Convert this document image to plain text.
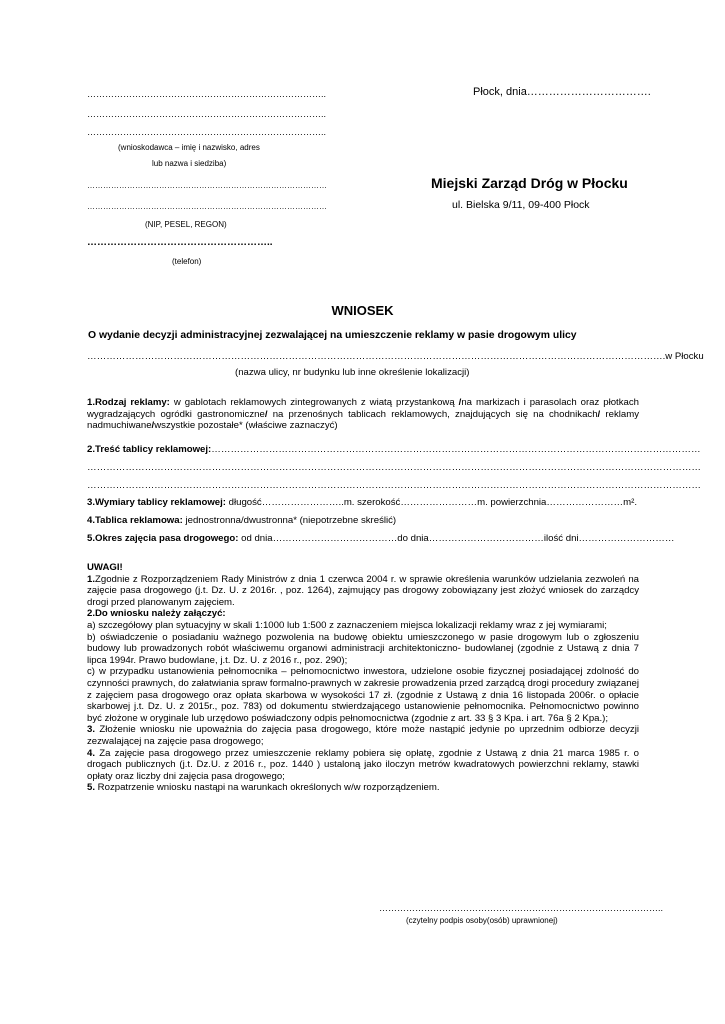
……………………………………………………………………..
……………………………………………………………………..
……………………………………………………………………..
(wnioskodawca – imię i nazwisko, adres
lub nazwa i siedziba)
………………………………………………………………………………
………………………………………………………………………………
(NIP, PESEL, REGON)
………………………………………………..
(telefon)
Płock, dnia…………………………….
Miejski Zarząd Dróg w Płocku
ul. Bielska 9/11, 09-400 Płock
WNIOSEK
O wydanie decyzji administracyjnej zezwalającej na umieszczenie reklamy w pasie drogowym ulicy
……………………………………………………………………………………………………………………………………………………………….w Płocku
(nazwa ulicy, nr budynku lub inne określenie lokalizacji)
1.Rodzaj reklamy: w gablotach reklamowych zintegrowanych z wiatą przystankową /na markizach i parasolach oraz płotkach wygradzających ogródki gastronomiczne/ na przenośnych tablicach reklamowych, znajdujących się na chodnikach/ reklamy nadmuchiwane/wszystkie pozostałe* (właściwe zaznaczyć)
2.Treść tablicy reklamowej:………………………………………………………………………………………………………………………………………
…………………………………………………………………………………………………………………………………………………………………………
…………………………………………………………………………………………………………………………………………………………………………
3.Wymiary tablicy reklamowej: długość……………………..m. szerokość……………………m. powierzchnia……………………m².
4.Tablica reklamowa: jednostronna/dwustronna* (niepotrzebne skreślić)
5.Okres zajęcia pasa drogowego: od dnia…………………………………do dnia………………………………ilość dni…………………………

UWAGI!

1.Zgodnie z Rozporządzeniem Rady Ministrów z dnia 1 czerwca 2004 r. w sprawie określenia warunków udzielania zezwoleń na zajęcie pasa drogowego (j.t. Dz. U. z 2016r. , poz. 1264), zajmujący pas drogowy zobowiązany jest złożyć wniosek do zarządcy drogi przed planowanym zajęciem.

2.Do wniosku należy załączyć:

a) szczegółowy plan sytuacyjny w skali 1:1000 lub 1:500 z zaznaczeniem miejsca lokalizacji reklamy wraz z jej wymiarami;

b) oświadczenie o posiadaniu ważnego pozwolenia na budowę obiektu umieszczonego w pasie drogowym lub o zgłoszeniu budowy lub prowadzonych robót właściwemu organowi administracji architektoniczno- budowlanej (zgodnie z Ustawą z dnia 7 lipca 1994r. Prawo budowlane, j.t. Dz. U. z 2016 r., poz. 290);

c) w przypadku ustanowienia pełnomocnika – pełnomocnictwo inwestora, udzielone osobie fizycznej posiadającej zdolność do czynności prawnych, do załatwiania spraw formalno-prawnych w zakresie prowadzenia przed zarządcą drogi procedury związanej z zajęciem pasa drogowego oraz opłata skarbowa w wysokości 17 zł. (zgodnie z Ustawą z dnia 16 listopada 2006r. o opłacie skarbowej j.t. Dz. U. z 2015r., poz. 783) od dokumentu stwierdzającego ustanowienie pełnomocnika. Pełnomocnictwo powinno być złożone w oryginale lub urzędowo poświadczony odpis pełnomocnictwa (zgodnie z art. 33 § 3 Kpa. i art. 76a § 2 Kpa.);

3. Złożenie wniosku nie upoważnia do zajęcia pasa drogowego, które może nastąpić jedynie po uprzednim odbiorze decyzji zezwalającej na zajęcie pasa drogowego;

4. Za zajęcie pasa drogowego przez umieszczenie reklamy pobiera się opłatę, zgodnie z Ustawą z dnia 21 marca 1985 r. o drogach publicznych (j.t. Dz.U. z 2016 r., poz. 1440 ) ustaloną jako iloczyn metrów kwadratowych powierzchni reklamy, stawki opłaty oraz liczby dni zajęcia pasa drogowego;

5. Rozpatrzenie wniosku nastąpi na warunkach określonych w/w rozporządzeniem.

…………………………………………………………………………………..
(czytelny podpis osoby(osób) uprawnionej)
